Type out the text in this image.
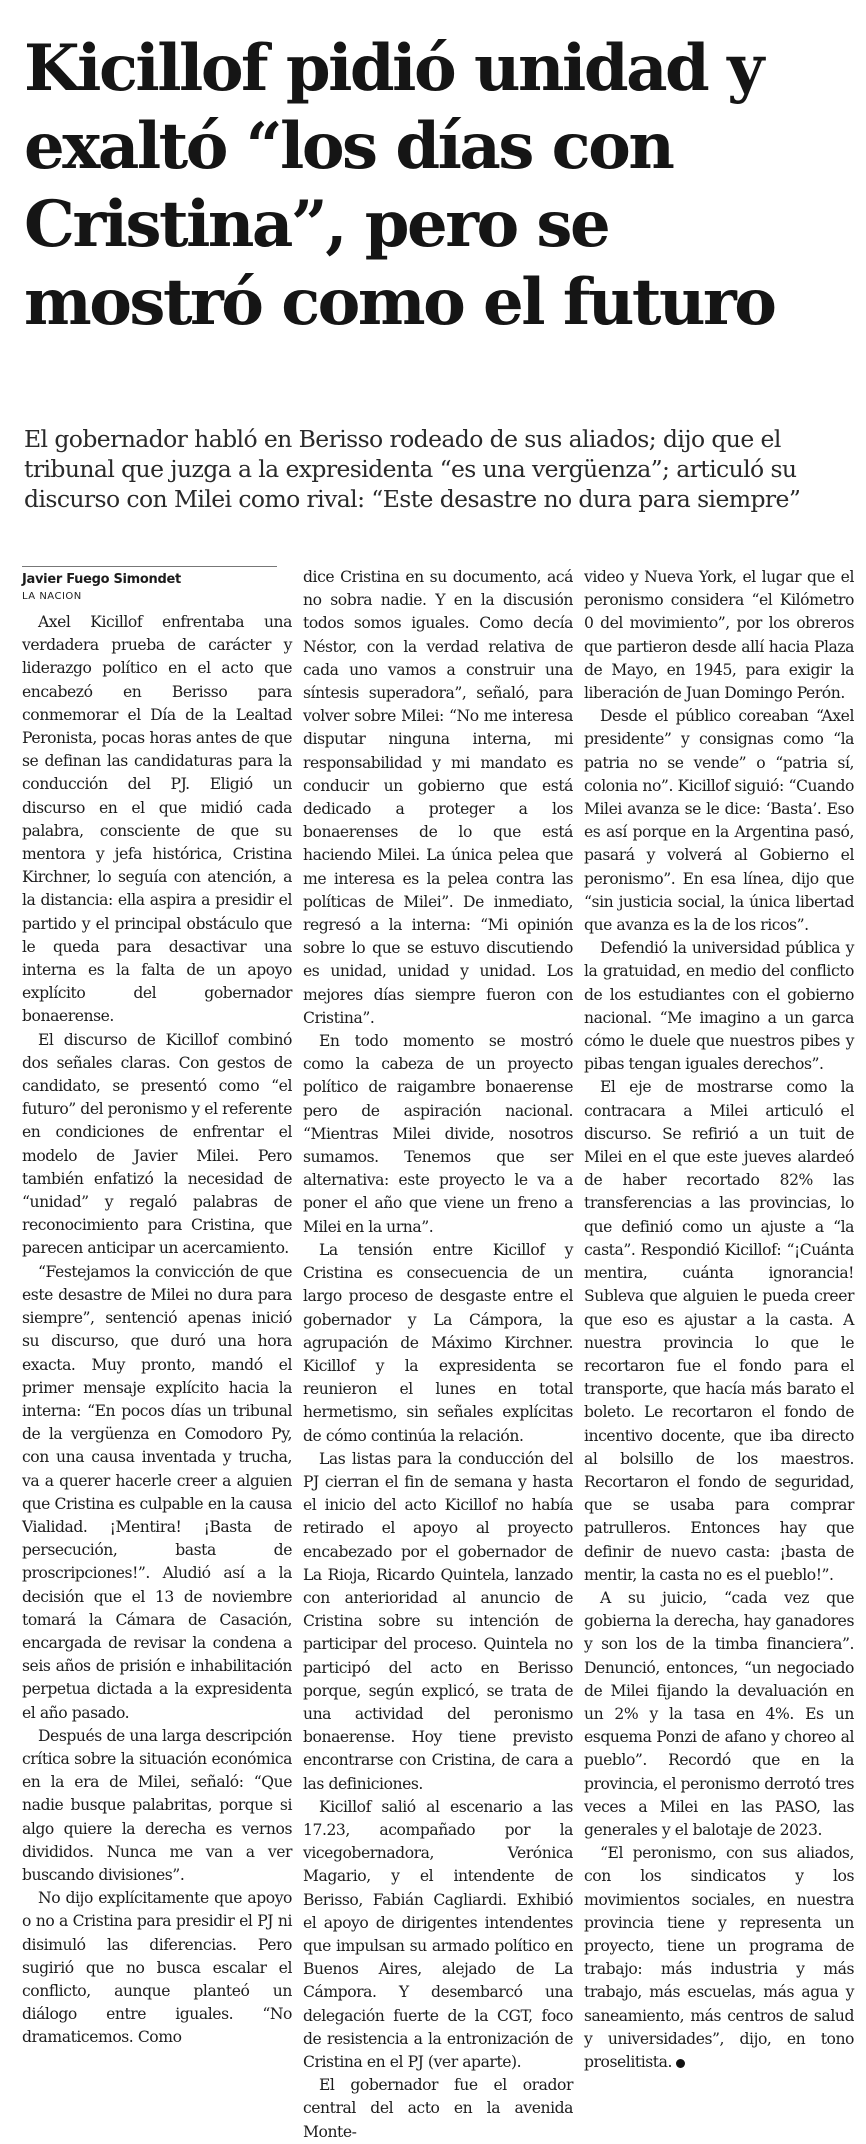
Kicillof pidió unidad y
exaltó “los días con
Cristina”, pero se
mostró como el futuro
El gobernador habló en Berisso rodeado de sus aliados; dijo que el
tribunal que juzga a la expresidenta “es una vergüenza”; articuló su
discurso con Milei como rival: “Este desastre no dura para siempre”
Javier Fuego Simondet
LA NACION

Axel Kicillof enfrentaba una verdadera prueba de carácter y liderazgo político en el acto que encabezó en Berisso para conmemorar el Día de la Lealtad Peronista, pocas horas antes de que se definan las candidaturas para la conducción del PJ. Eligió un discurso en el que midió cada palabra, consciente de que su mentora y jefa histórica, Cristina Kirchner, lo seguía con atención, a la distancia: ella aspira a presidir el partido y el principal obstáculo que le queda para desactivar una interna es la falta de un apoyo explícito del gobernador bonaerense.

El discurso de Kicillof combinó dos señales claras. Con gestos de candidato, se presentó como “el futuro” del peronismo y el referente en condiciones de enfrentar el modelo de Javier Milei. Pero también enfatizó la necesidad de “unidad” y regaló palabras de reconocimiento para Cristina, que parecen anticipar un acercamiento.

“Festejamos la convicción de que este desastre de Milei no dura para siempre”, sentenció apenas inició su discurso, que duró una hora exacta. Muy pronto, mandó el primer mensaje explícito hacia la interna: “En pocos días un tribunal de la vergüenza en Comodoro Py, con una causa inventada y trucha, va a querer hacerle creer a alguien que Cristina es culpable en la causa Vialidad. ¡Mentira! ¡Basta de persecución, basta de proscripciones!”. Aludió así a la decisión que el 13 de noviembre tomará la Cámara de Casación, encargada de revisar la condena a seis años de prisión e inhabilitación perpetua dictada a la expresidenta el año pasado.

Después de una larga descripción crítica sobre la situación económica en la era de Milei, señaló: “Que nadie busque palabritas, porque si algo quiere la derecha es vernos divididos. Nunca me van a ver buscando divisiones”.

No dijo explícitamente que apoyo o no a Cristina para presidir el PJ ni disimuló las diferencias. Pero sugirió que no busca escalar el conflicto, aunque planteó un diálogo entre iguales. “No dramaticemos. Como

dice Cristina en su documento, acá no sobra nadie. Y en la discusión todos somos iguales. Como decía Néstor, con la verdad relativa de cada uno vamos a construir una síntesis superadora”, señaló, para volver sobre Milei: “No me interesa disputar ninguna interna, mi responsabilidad y mi mandato es conducir un gobierno que está dedicado a proteger a los bonaerenses de lo que está haciendo Milei. La única pelea que me interesa es la pelea contra las políticas de Milei”. De inmediato, regresó a la interna: “Mi opinión sobre lo que se estuvo discutiendo es unidad, unidad y unidad. Los mejores días siempre fueron con Cristina”.

En todo momento se mostró como la cabeza de un proyecto político de raigambre bonaerense pero de aspiración nacional. “Mientras Milei divide, nosotros sumamos. Tenemos que ser alternativa: este proyecto le va a poner el año que viene un freno a Milei en la urna”.

La tensión entre Kicillof y Cristina es consecuencia de un largo proceso de desgaste entre el gobernador y La Cámpora, la agrupación de Máximo Kirchner. Kicillof y la expresidenta se reunieron el lunes en total hermetismo, sin señales explícitas de cómo continúa la relación.

Las listas para la conducción del PJ cierran el fin de semana y hasta el inicio del acto Kicillof no había retirado el apoyo al proyecto encabezado por el gobernador de La Rioja, Ricardo Quintela, lanzado con anterioridad al anuncio de Cristina sobre su intención de participar del proceso. Quintela no participó del acto en Berisso porque, según explicó, se trata de una actividad del peronismo bonaerense. Hoy tiene previsto encontrarse con Cristina, de cara a las definiciones.

Kicillof salió al escenario a las 17.23, acompañado por la vicegobernadora, Verónica Magario, y el intendente de Berisso, Fabián Cagliardi. Exhibió el apoyo de dirigentes intendentes que impulsan su armado político en Buenos Aires, alejado de La Cámpora. Y desembarcó una delegación fuerte de la CGT, foco de resistencia a la entronización de Cristina en el PJ (ver aparte).

El gobernador fue el orador central del acto en la avenida Monte-

video y Nueva York, el lugar que el peronismo considera “el Kilómetro 0 del movimiento”, por los obreros que partieron desde allí hacia Plaza de Mayo, en 1945, para exigir la liberación de Juan Domingo Perón.

Desde el público coreaban “Axel presidente” y consignas como “la patria no se vende” o “patria sí, colonia no”. Kicillof siguió: “Cuando Milei avanza se le dice: ‘Basta’. Eso es así porque en la Argentina pasó, pasará y volverá al Gobierno el peronismo”. En esa línea, dijo que “sin justicia social, la única libertad que avanza es la de los ricos”.

Defendió la universidad pública y la gratuidad, en medio del conflicto de los estudiantes con el gobierno nacional. “Me imagino a un garca cómo le duele que nuestros pibes y pibas tengan iguales derechos”.

El eje de mostrarse como la contracara a Milei articuló el discurso. Se refirió a un tuit de Milei en el que este jueves alardeó de haber recortado 82% las transferencias a las provincias, lo que definió como un ajuste a “la casta”. Respondió Kicillof: “¡Cuánta mentira, cuánta ignorancia! Subleva que alguien le pueda creer que eso es ajustar a la casta. A nuestra provincia lo que le recortaron fue el fondo para el transporte, que hacía más barato el boleto. Le recortaron el fondo de incentivo docente, que iba directo al bolsillo de los maestros. Recortaron el fondo de seguridad, que se usaba para comprar patrulleros. Entonces hay que definir de nuevo casta: ¡basta de mentir, la casta no es el pueblo!”.

A su juicio, “cada vez que gobierna la derecha, hay ganadores y son los de la timba financiera”. Denunció, entonces, “un negociado de Milei fijando la devaluación en un 2% y la tasa en 4%. Es un esquema Ponzi de afano y choreo al pueblo”. Recordó que en la provincia, el peronismo derrotó tres veces a Milei en las PASO, las generales y el balotaje de 2023.

“El peronismo, con sus aliados, con los sindicatos y los movimientos sociales, en nuestra provincia tiene y representa un proyecto, tiene un programa de trabajo: más industria y más trabajo, más escuelas, más agua y saneamiento, más centros de salud y universidades”, dijo, en tono proselitista.
